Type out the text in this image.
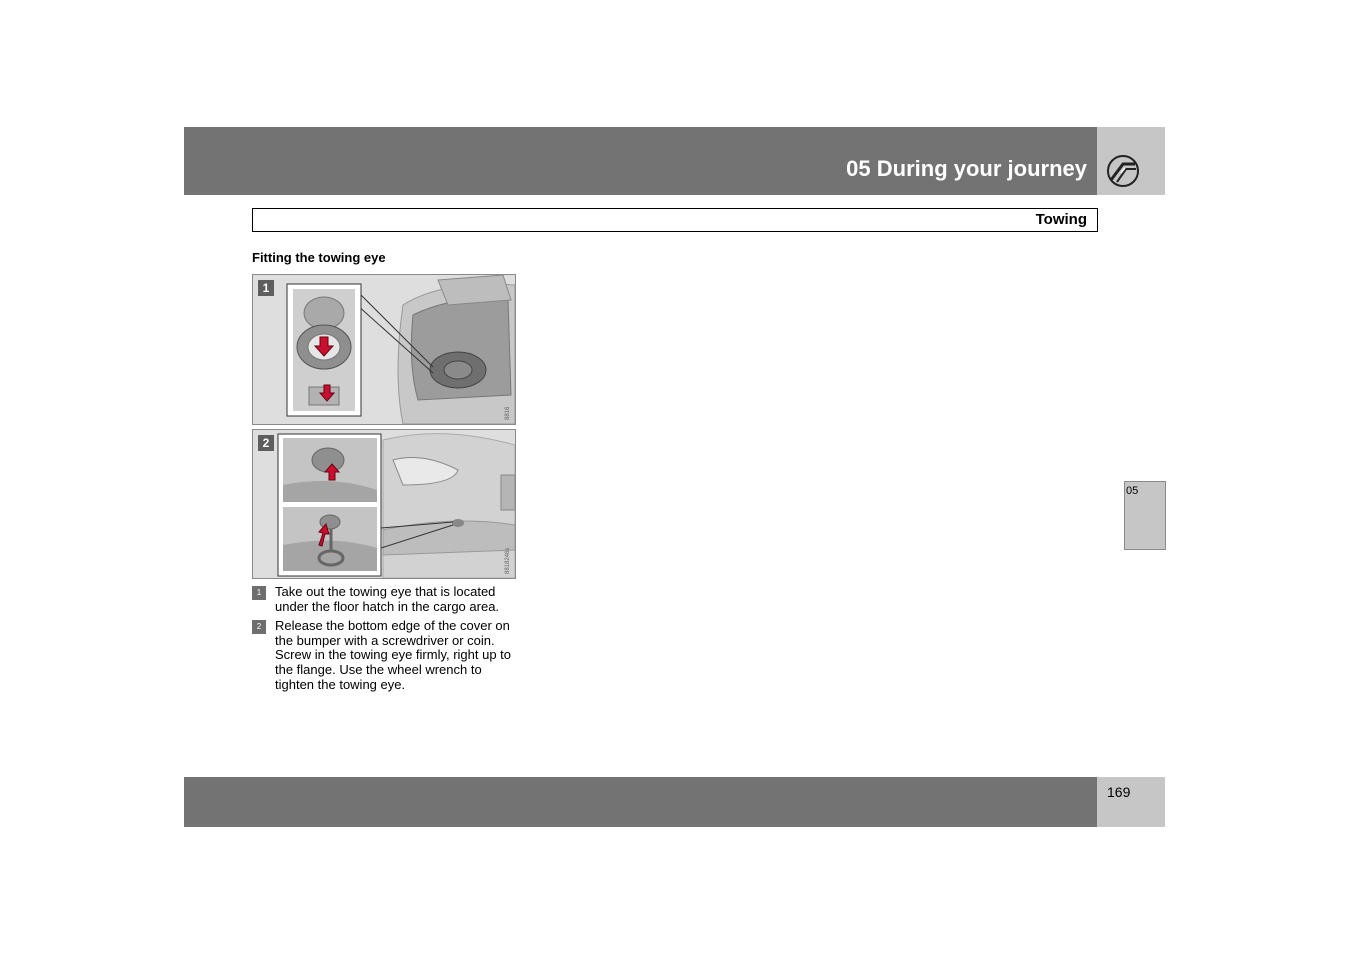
05 During your journey
Towing
Fitting the towing eye
1
8816
2
8818246s
1	Take out the towing eye that is located under the floor hatch in the cargo area.
2	Release the bottom edge of the cover on the bumper with a screwdriver or coin. Screw in the towing eye firmly, right up to the flange. Use the wheel wrench to tighten the towing eye.
05
169
